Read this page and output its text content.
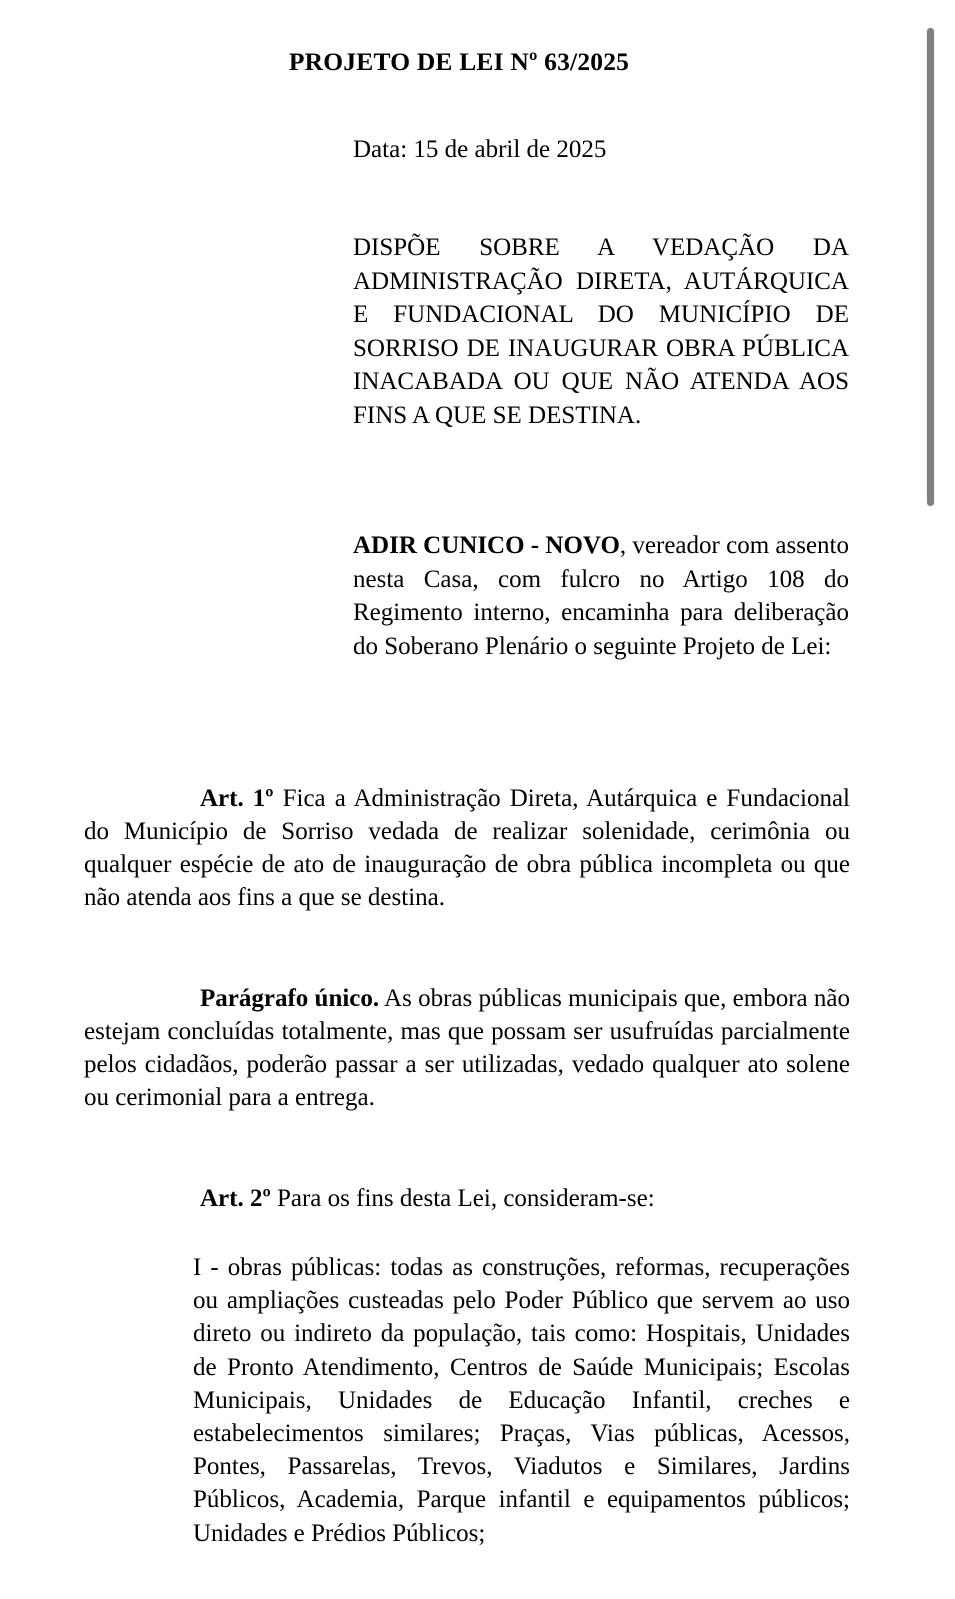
PROJETO DE LEI Nº 63/2025
Data: 15 de abril de 2025
DISPÕE SOBRE A VEDAÇÃO DA ADMINISTRAÇÃO DIRETA, AUTÁRQUICA E FUNDACIONAL DO MUNICÍPIO DE SORRISO DE INAUGURAR OBRA PÚBLICA INACABADA OU QUE NÃO ATENDA AOS FINS A QUE SE DESTINA.
ADIR CUNICO - NOVO, vereador com assento nesta Casa, com fulcro no Artigo 108 do Regimento interno, encaminha para deliberação do Soberano Plenário o seguinte Projeto de Lei:

Art. 1º Fica a Administração Direta, Autárquica e Fundacional do Município de Sorriso vedada de realizar solenidade, cerimônia ou qualquer espécie de ato de inauguração de obra pública incompleta ou que não atenda aos fins a que se destina.

Parágrafo único. As obras públicas municipais que, embora não estejam concluídas totalmente, mas que possam ser usufruídas parcialmente pelos cidadãos, poderão passar a ser utilizadas, vedado qualquer ato solene ou cerimonial para a entrega.

Art. 2º Para os fins desta Lei, consideram-se:

I - obras públicas: todas as construções, reformas, recuperações ou ampliações custeadas pelo Poder Público que servem ao uso direto ou indireto da população, tais como: Hospitais, Unidades de Pronto Atendimento, Centros de Saúde Municipais; Escolas Municipais, Unidades de Educação Infantil, creches e estabelecimentos similares; Praças, Vias públicas, Acessos, Pontes, Passarelas, Trevos, Viadutos e Similares, Jardins Públicos, Academia, Parque infantil e equipamentos públicos; Unidades e Prédios Públicos;
